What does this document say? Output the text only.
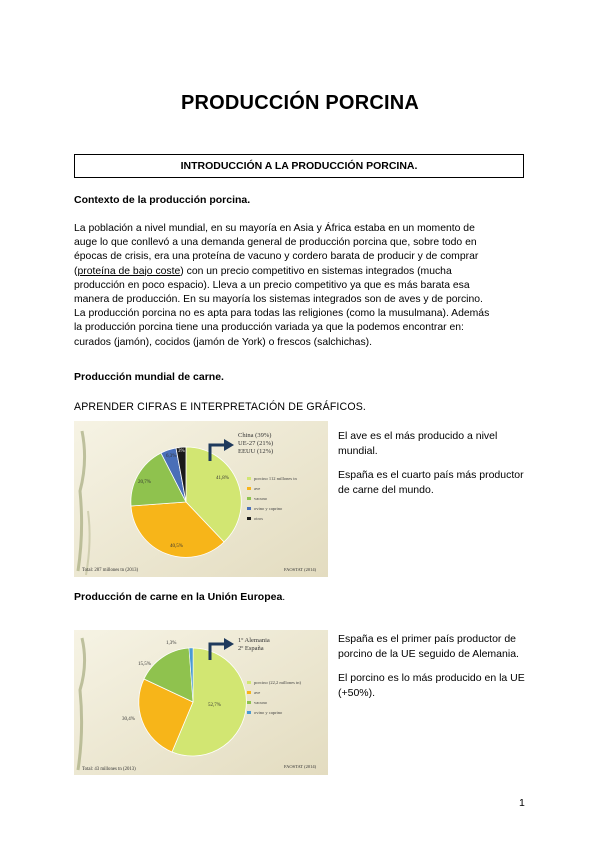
PRODUCCIÓN PORCINA
INTRODUCCIÓN A LA PRODUCCIÓN PORCINA.
Contexto de la producción porcina.

La población a nivel mundial, en su mayoría en Asia y África estaba en un momento de

auge lo que conllevó a una demanda general de producción porcina que, sobre todo en

épocas de crisis, era una proteína de vacuno y cordero barata de producir y de comprar

(proteína de bajo coste) con un precio competitivo en sistemas integrados (mucha

producción en poco espacio). Lleva a un precio competitivo ya que es más barata esa

manera de producción. En su mayoría los sistemas integrados son de aves y de porcino.

La producción porcina no es apta para todas las religiones (como la musulmana). Además

la producción porcina tiene una producción variada ya que la podemos encontrar en:

curados (jamón), cocidos (jamón de York) o frescos (salchichas).

Producción mundial de carne.
APRENDER CIFRAS E INTERPRETACIÓN DE GRÁFICOS.
41,8%
40,5%
20,7%
6,3%
3%
China (39%)
UE-27 (21%)
EEUU (12%)
porcino 112 millones tn
ave
vacuno
ovino y caprino
otros
Total: 287 millones tn (2013)	FAOSTAT (2014)

El ave es el más producido a nivel mundial.

España es el cuarto país más productor de carne del mundo.

Producción de carne en la Unión Europea.
52,7%
30,4%
15,5%
1,3%	1º Alemania
2º España
porcino (22,2 millones tn)
ave
vacuno
ovino y caprino
Total: 43 millones tn (2013)
FAOSTAT (2014)

España es el primer país productor de porcino de la UE seguido de Alemania.

El porcino es lo más producido en la UE (+50%).

1
